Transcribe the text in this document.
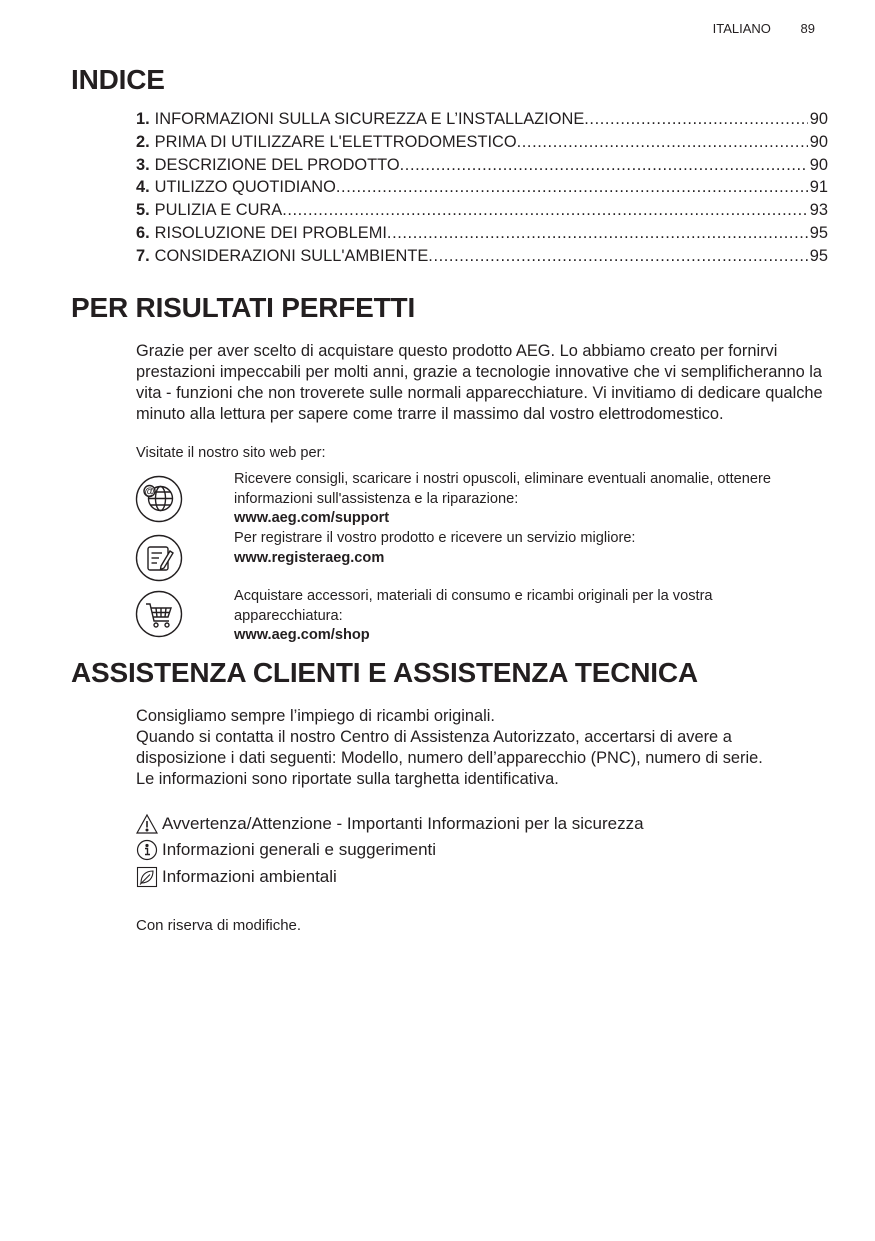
ITALIANO 89
INDICE
1. INFORMAZIONI SULLA SICUREZZA E L’INSTALLAZIONE .....	90
2. PRIMA DI UTILIZZARE L'ELETTRODOMESTICO .....	90
3. DESCRIZIONE DEL PRODOTTO .....	90
4. UTILIZZO QUOTIDIANO .....	91
5. PULIZIA E CURA .....	93
6. RISOLUZIONE DEI PROBLEMI .....	95
7. CONSIDERAZIONI SULL'AMBIENTE .....	95
PER RISULTATI PERFETTI

Grazie per aver scelto di acquistare questo prodotto AEG. Lo abbiamo creato per fornirvi prestazioni impeccabili per molti anni, grazie a tecnologie innovative che vi semplificheranno la vita - funzioni che non troverete sulle normali apparecchiature. Vi invitiamo di dedicare qualche minuto alla lettura per sapere come trarre il massimo dal vostro elettrodomestico.

Visitate il nostro sito web per:

@

Ricevere consigli, scaricare i nostri opuscoli, eliminare eventuali anomalie, ottenere informazioni sull'assistenza e la riparazione:
www.aeg.com/support

Per registrare il vostro prodotto e ricevere un servizio migliore:
www.registeraeg.com

Acquistare accessori, materiali di consumo e ricambi originali per la vostra apparecchiatura:
www.aeg.com/shop

ASSISTENZA CLIENTI E ASSISTENZA TECNICA
Consigliamo sempre l’impiego di ricambi originali.
Quando si contatta il nostro Centro di Assistenza Autorizzato, accertarsi di avere a disposizione i dati seguenti: Modello, numero dell’apparecchio (PNC), numero di serie.
Le informazioni sono riportate sulla targhetta identificativa.
Avvertenza/Attenzione - Importanti Informazioni per la sicurezza
Informazioni generali e suggerimenti
Informazioni ambientali

Con riserva di modifiche.
